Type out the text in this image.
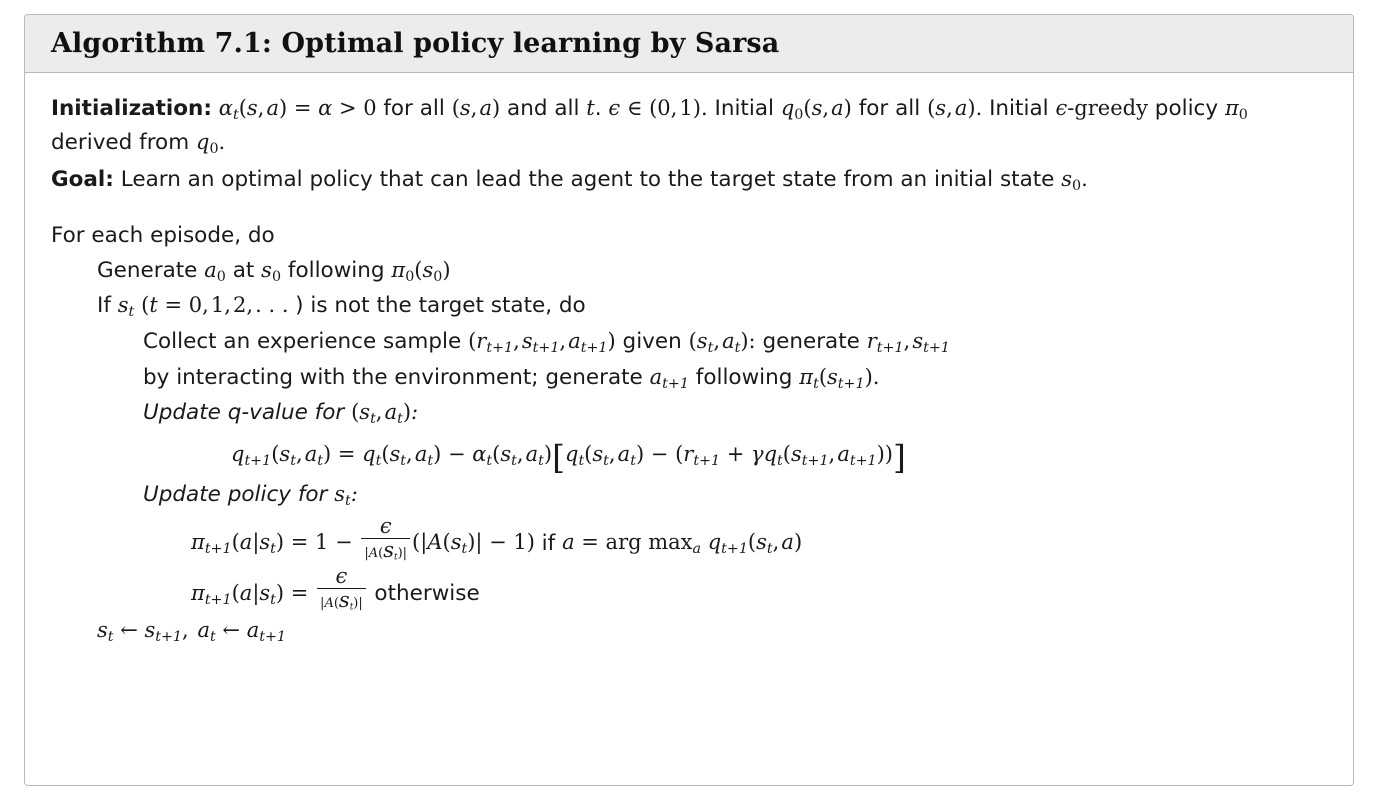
Algorithm 7.1: Optimal policy learning by Sarsa
Initialization: $\alpha_t(s$, a) = α > 0 for all (s, a) and all t. ϵ ∈ (0, 1). Initial q0(s, a) for all (s, a). Initial ϵ-greedy policy π0 derived from q0.
Goal: Learn an optimal policy that can lead the agent to the target state from an initial state s0.
For each episode, do
Generate a0 at s0 following π0(s0)
If $s_t$ (t = 0, 1, 2, . . . ) is not the target state, do
Collect an experience sample ($r_{t+1}$, $s_{t+1}$, $a_{t+1}$) given ($s_t$, $a_t$): generate $r_{t+1}$, $s_{t+1}$
by interacting with the environment; generate $a_{t+1}$ following $\pi_t(s_{t+1})$.
Update q-value for ($s_t$, $a_t$):
$q_{t+1}(s_t$, $a_t) = q_t(s_t$, $a_t) - \alpha_t(s_t$, $a_t)[q_t(s_t$, $a_t) - (r_{t+1} + \gamma q_t(s_{t+1}$, $a_{t+1}$))]
Update policy for $s_t$:
$\pi_{t+1}(a|s_t) = 1 - \frac{\epsilon}{|A(s_t)|} (|A(s_t)| - 1)$ if a = arg $\max_a q_{t+1}(s_t$, a)
$\pi_{t+1}(a|s_t) = \frac{\epsilon}{|A(s_t)|}$ otherwise
$s_t$ ← $s_{t+1}$,  $a_t$ ← $a_{t+1}$
